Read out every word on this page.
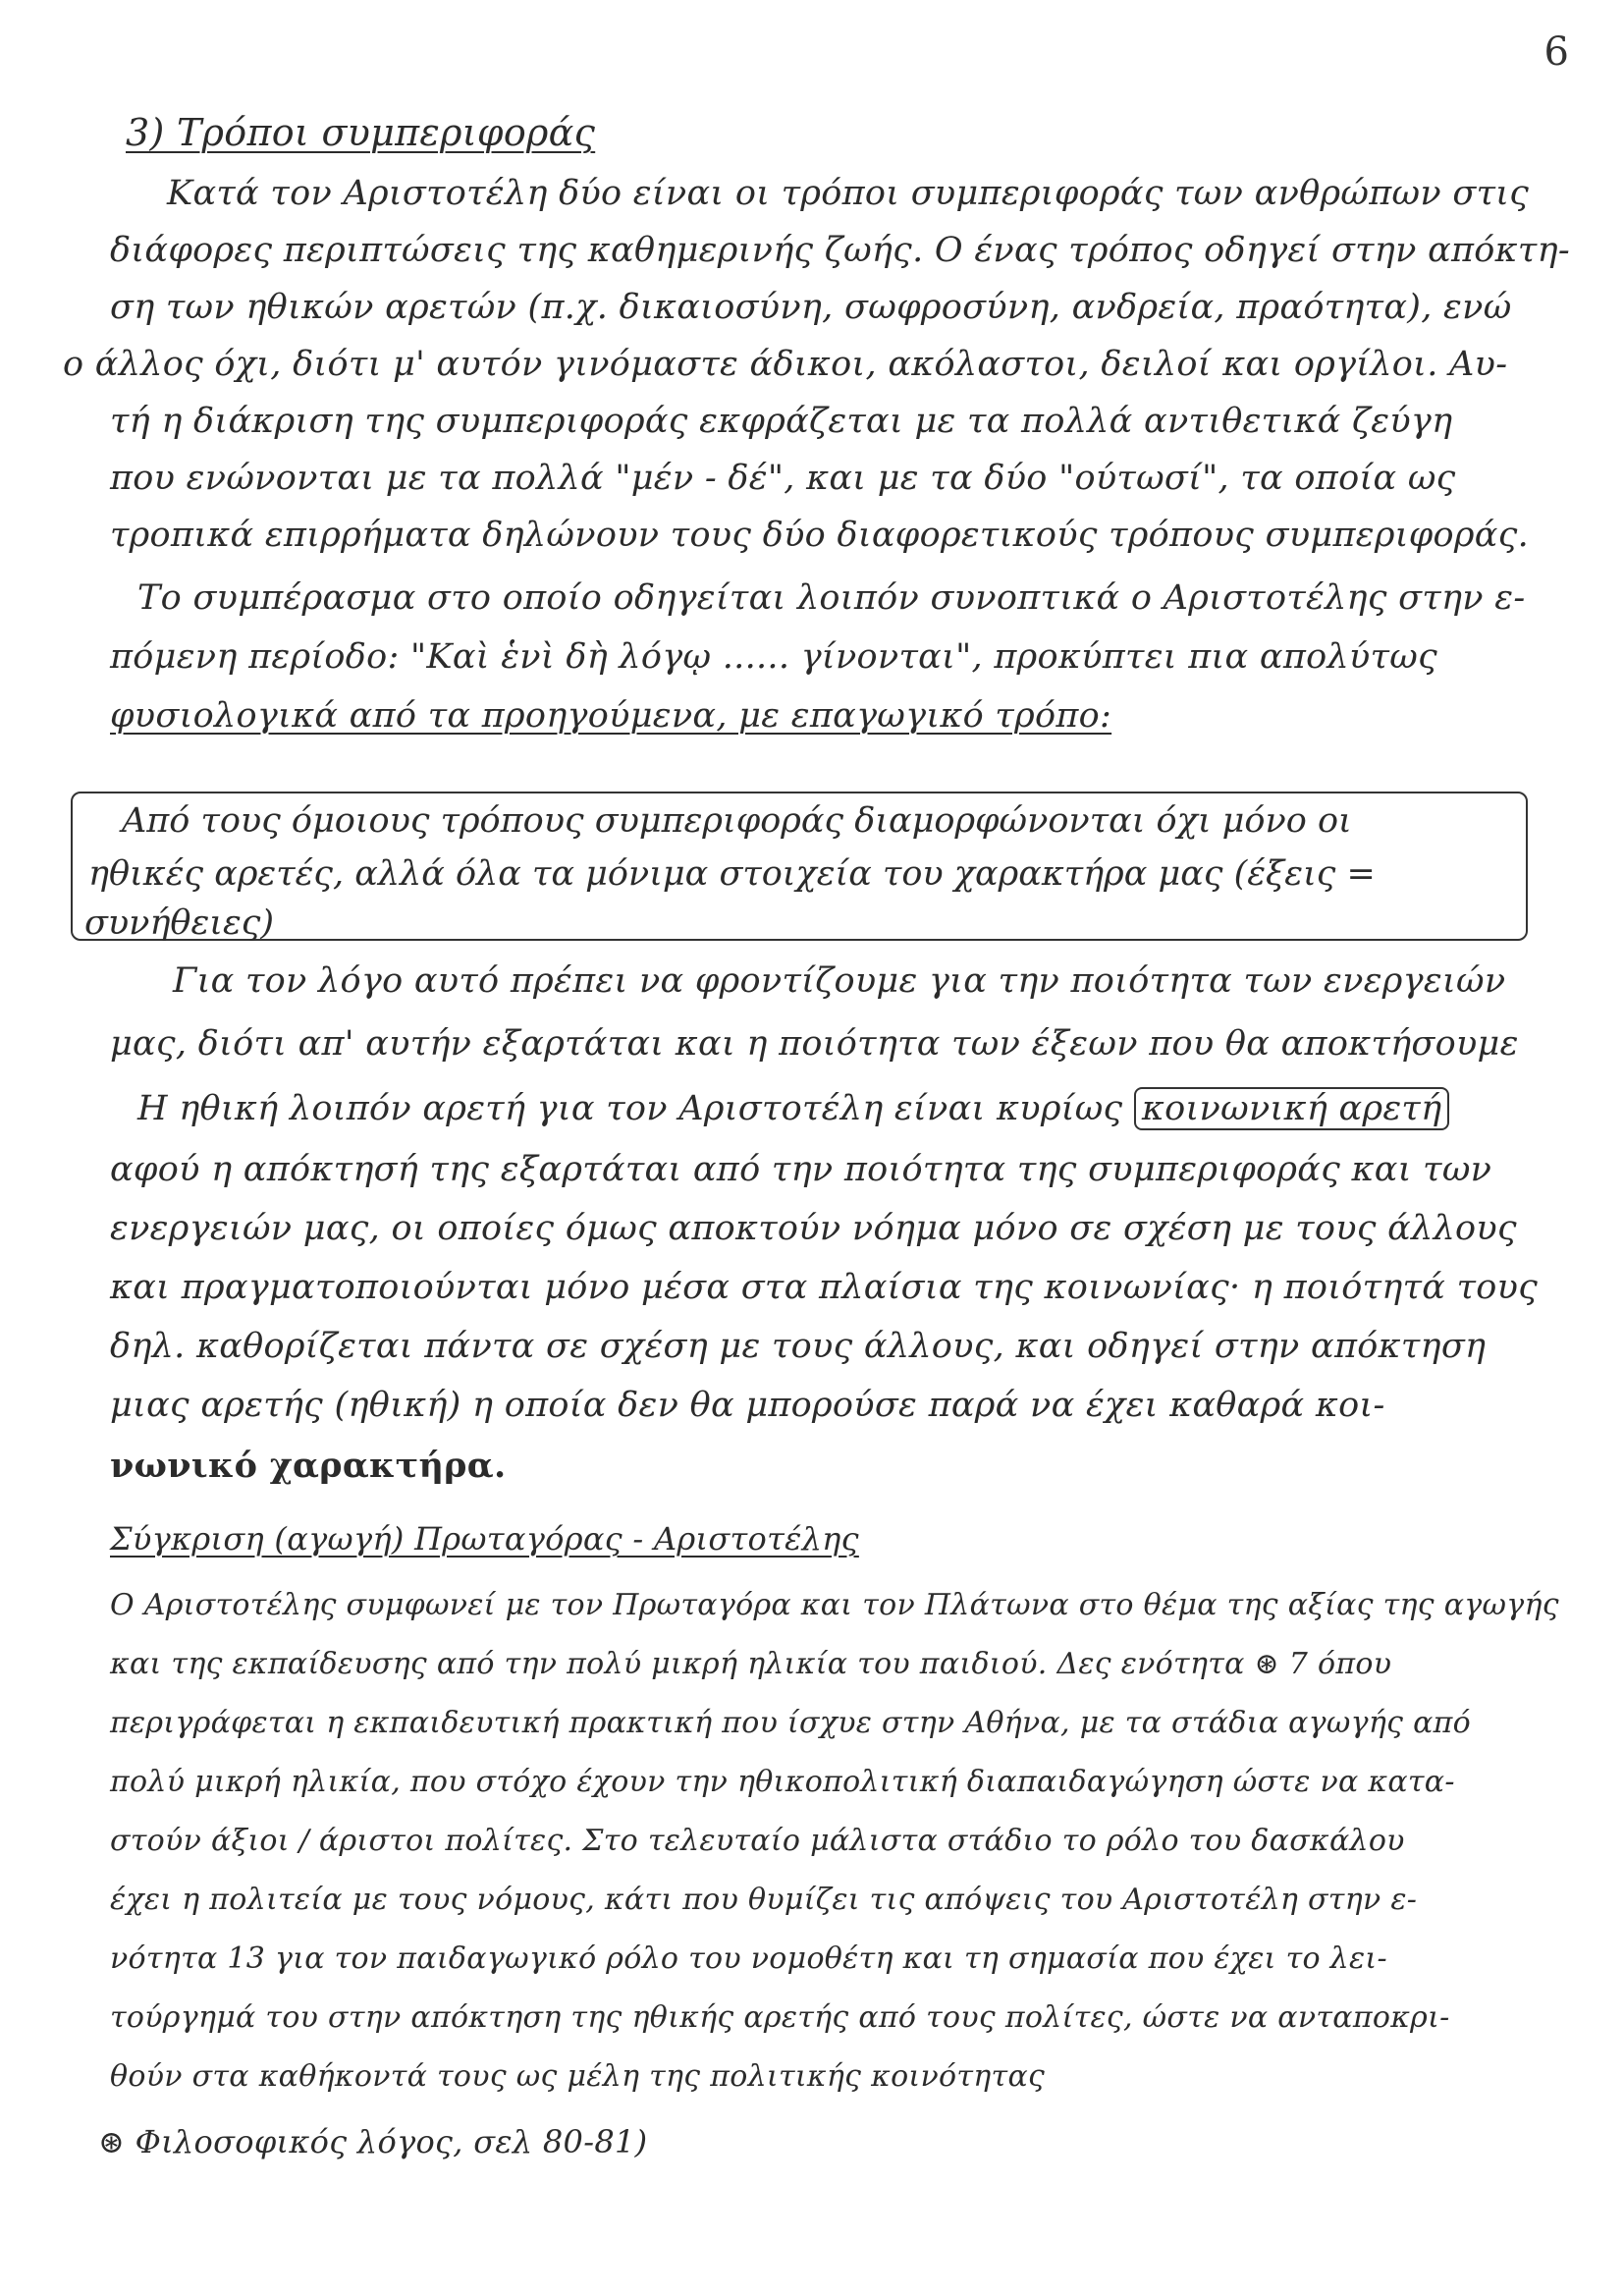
6
3) Τρόποι συμπεριφοράς
Κατά τον Αριστοτέλη δύο είναι οι τρόποι συμπεριφοράς των ανθρώπων στις
διάφορες περιπτώσεις της καθημερινής ζωής. Ο ένας τρόπος οδηγεί στην απόκτη-
ση των ηθικών αρετών (π.χ. δικαιοσύνη, σωφροσύνη, ανδρεία, πραότητα), ενώ
ο άλλος όχι, διότι μ' αυτόν γινόμαστε άδικοι, ακόλαστοι, δειλοί και οργίλοι. Αυ-
τή η διάκριση της συμπεριφοράς εκφράζεται με τα πολλά αντιθετικά ζεύγη
που ενώνονται με τα πολλά "μέν - δέ", και με τα δύο "ούτωσί", τα οποία ως
τροπικά επιρρήματα δηλώνουν τους δύο διαφορετικούς τρόπους συμπεριφοράς.
Το συμπέρασμα στο οποίο οδηγείται λοιπόν συνοπτικά ο Αριστοτέλης στην ε-
πόμενη περίοδο: "Καὶ ἑνὶ δὴ λόγῳ ...... γίνονται", προκύπτει πια απολύτως
φυσιολογικά από τα προηγούμενα, με επαγωγικό τρόπο:
Από τους όμοιους τρόπους συμπεριφοράς διαμορφώνονται όχι μόνο οι
ηθικές αρετές, αλλά όλα τα μόνιμα στοιχεία του χαρακτήρα μας (έξεις =
συνήθειες)
Για τον λόγο αυτό πρέπει να φροντίζουμε για την ποιότητα των ενεργειών
μας, διότι απ' αυτήν εξαρτάται και η ποιότητα των έξεων που θα αποκτήσουμε
Η ηθική λοιπόν αρετή για τον Αριστοτέλη είναι κυρίως κοινωνική αρετή
αφού η απόκτησή της εξαρτάται από την ποιότητα της συμπεριφοράς και των
ενεργειών μας, οι οποίες όμως αποκτούν νόημα μόνο σε σχέση με τους άλλους
και πραγματοποιούνται μόνο μέσα στα πλαίσια της κοινωνίας· η ποιότητά τους
δηλ. καθορίζεται πάντα σε σχέση με τους άλλους, και οδηγεί στην απόκτηση
μιας αρετής (ηθική) η οποία δεν θα μπορούσε παρά να έχει καθαρά κοι-
νωνικό χαρακτήρα.
Σύγκριση (αγωγή) Πρωταγόρας - Αριστοτέλης
Ο Αριστοτέλης συμφωνεί με τον Πρωταγόρα και τον Πλάτωνα στο θέμα της αξίας της αγωγής
και της εκπαίδευσης από την πολύ μικρή ηλικία του παιδιού. Δες ενότητα ⊛ 7 όπου
περιγράφεται η εκπαιδευτική πρακτική που ίσχυε στην Αθήνα, με τα στάδια αγωγής από
πολύ μικρή ηλικία, που στόχο έχουν την ηθικοπολιτική διαπαιδαγώγηση ώστε να κατα-
στούν άξιοι / άριστοι πολίτες. Στο τελευταίο μάλιστα στάδιο το ρόλο του δασκάλου
έχει η πολιτεία με τους νόμους, κάτι που θυμίζει τις απόψεις του Αριστοτέλη στην ε-
νότητα 13 για τον παιδαγωγικό ρόλο του νομοθέτη και τη σημασία που έχει το λει-
τούργημά του στην απόκτηση της ηθικής αρετής από τους πολίτες, ώστε να ανταποκρι-
θούν στα καθήκοντά τους ως μέλη της πολιτικής κοινότητας
⊛ Φιλοσοφικός λόγος, σελ 80-81)
